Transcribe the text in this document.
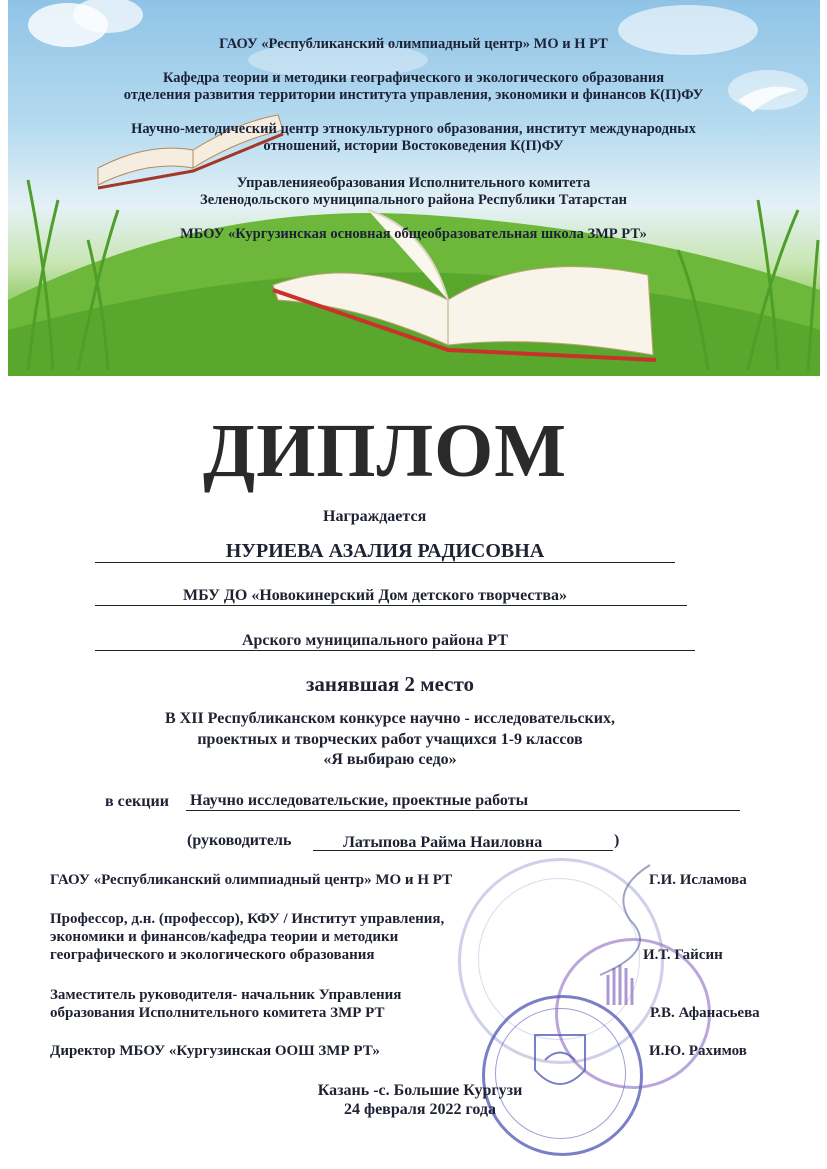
ГАОУ «Республиканский олимпиадный центр» МО и Н РТ
Кафедра теории и методики географического и экологического образования
отделения развития территории института управления, экономики и финансов К(П)ФУ
Научно-методический центр этнокультурного образования, институт международных
отношений, истории Востоковедения К(П)ФУ
Управленияеобразования Исполнительного комитета
Зеленодольского муниципального района Республики Татарстан
МБОУ «Кургузинская основная общеобразовательная школа ЗМР РТ»
ДИПЛОМ
Награждается
НУРИЕВА АЗАЛИЯ РАДИСОВНА
МБУ ДО «Новокинерский Дом детского творчества»
Арского муниципального района РТ
занявшая 2 место
В XII Республиканском конкурсе научно - исследовательских,
проектных и творческих работ учащихся 1-9 классов
«Я выбираю седо»
в секции Научно исследовательские, проектные работы
(руководитель	Латыпова Райма Наиловна	)
ГАОУ «Республиканский олимпиадный центр» МО и Н РТ	Г.И. Исламова
Профессор, д.н. (профессор), КФУ / Институт управления,
экономики и финансов/кафедра теории и методики
географического и экологического образования	И.Т. Гайсин
Заместитель руководителя- начальник Управления
образования Исполнительного комитета ЗМР РТ	Р.В. Афанасьева
Директор МБОУ «Кургузинская ООШ ЗМР РТ»	И.Ю. Рахимов
Казань -с. Большие Кургузи
24 февраля 2022 года
